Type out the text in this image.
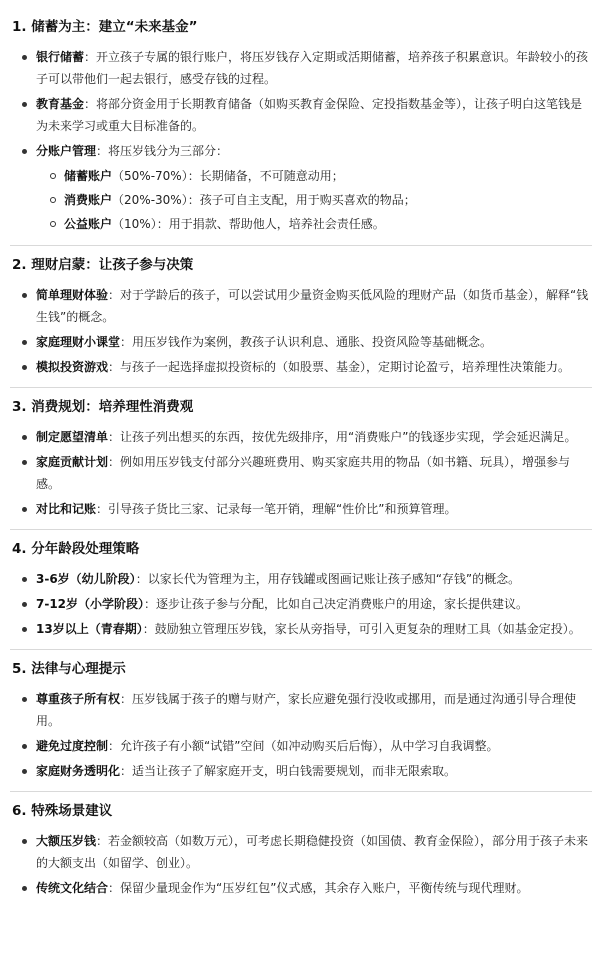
1. 储蓄为主：建立“未来基金”
银行储蓄：开立孩子专属的银行账户，将压岁钱存入定期或活期储蓄，培养孩子积累意识。年龄较小的孩子可以带他们一起去银行，感受存钱的过程。
教育基金：将部分资金用于长期教育储备（如购买教育金保险、定投指数基金等），让孩子明白这笔钱是为未来学习或重大目标准备的。
分账户管理：将压岁钱分为三部分：
储蓄账户（50%-70%）：长期储备，不可随意动用；
消费账户（20%-30%）：孩子可自主支配，用于购买喜欢的物品；
公益账户（10%）：用于捐款、帮助他人，培养社会责任感。
2. 理财启蒙：让孩子参与决策
简单理财体验：对于学龄后的孩子，可以尝试用少量资金购买低风险的理财产品（如货币基金），解释“钱生钱”的概念。
家庭理财小课堂：用压岁钱作为案例，教孩子认识利息、通胀、投资风险等基础概念。
模拟投资游戏：与孩子一起选择虚拟投资标的（如股票、基金），定期讨论盈亏，培养理性决策能力。
3. 消费规划：培养理性消费观
制定愿望清单：让孩子列出想买的东西，按优先级排序，用“消费账户”的钱逐步实现，学会延迟满足。
家庭贡献计划：例如用压岁钱支付部分兴趣班费用、购买家庭共用的物品（如书籍、玩具），增强参与感。
对比和记账：引导孩子货比三家、记录每一笔开销，理解“性价比”和预算管理。
4. 分年龄段处理策略
3-6岁（幼儿阶段）：以家长代为管理为主，用存钱罐或图画记账让孩子感知“存钱”的概念。
7-12岁（小学阶段）：逐步让孩子参与分配，比如自己决定消费账户的用途，家长提供建议。
13岁以上（青春期）：鼓励独立管理压岁钱，家长从旁指导，可引入更复杂的理财工具（如基金定投）。
5. 法律与心理提示
尊重孩子所有权：压岁钱属于孩子的赠与财产，家长应避免强行没收或挪用，而是通过沟通引导合理使用。
避免过度控制：允许孩子有小额“试错”空间（如冲动购买后后悔），从中学习自我调整。
家庭财务透明化：适当让孩子了解家庭开支，明白钱需要规划，而非无限索取。
6. 特殊场景建议
大额压岁钱：若金额较高（如数万元），可考虑长期稳健投资（如国债、教育金保险），部分用于孩子未来的大额支出（如留学、创业）。
传统文化结合：保留少量现金作为“压岁红包”仪式感，其余存入账户，平衡传统与现代理财。
